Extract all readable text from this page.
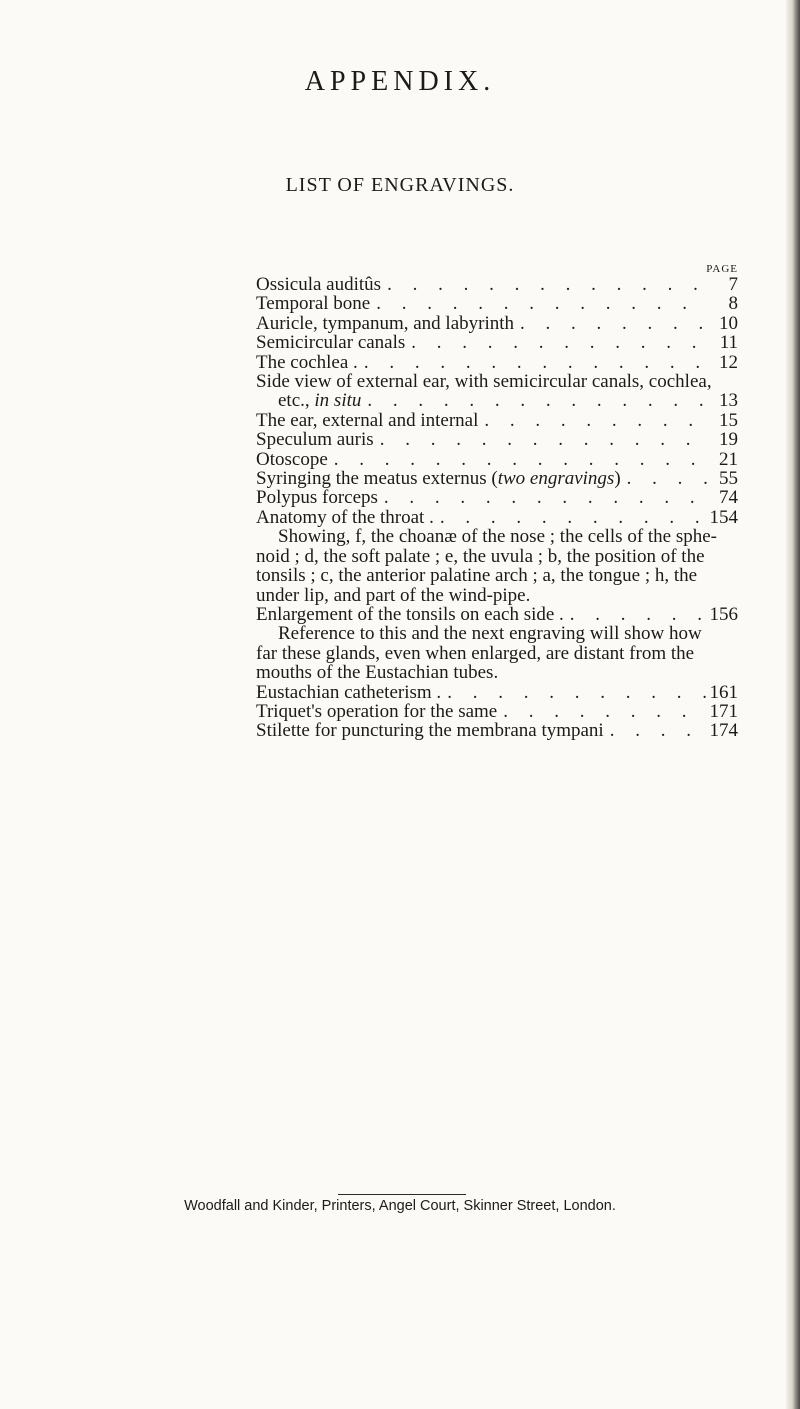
APPENDIX.
LIST OF ENGRAVINGS.
PAGE
Ossicula auditûs . . .	7
Temporal bone . . .	8
Auricle, tympanum, and labyrinth . . .	10
Semicircular canals . . .	11
The cochlea . . . .	12
Side view of external ear, with semicircular canals, cochlea,
etc., in situ . . .	13
The ear, external and internal . . .	15
Speculum auris . . .	19
Otoscope . . .	21
Syringing the meatus externus (two engravings) . . .	55
Polypus forceps . . .	74
Anatomy of the throat . . . .	154
Showing, f, the choanæ of the nose ; the cells of the sphe-
noid ; d, the soft palate ; e, the uvula ; b, the position of the
tonsils ; c, the anterior palatine arch ; a, the tongue ; h, the
under lip, and part of the wind-pipe.
Enlargement of the tonsils on each side . . . .	156
Reference to this and the next engraving will show how
far these glands, even when enlarged, are distant from the
mouths of the Eustachian tubes.
Eustachian catheterism . . . .	161
Triquet's operation for the same . . .	171
Stilette for puncturing the membrana tympani . . .	174
Woodfall and Kinder, Printers, Angel Court, Skinner Street, London.
